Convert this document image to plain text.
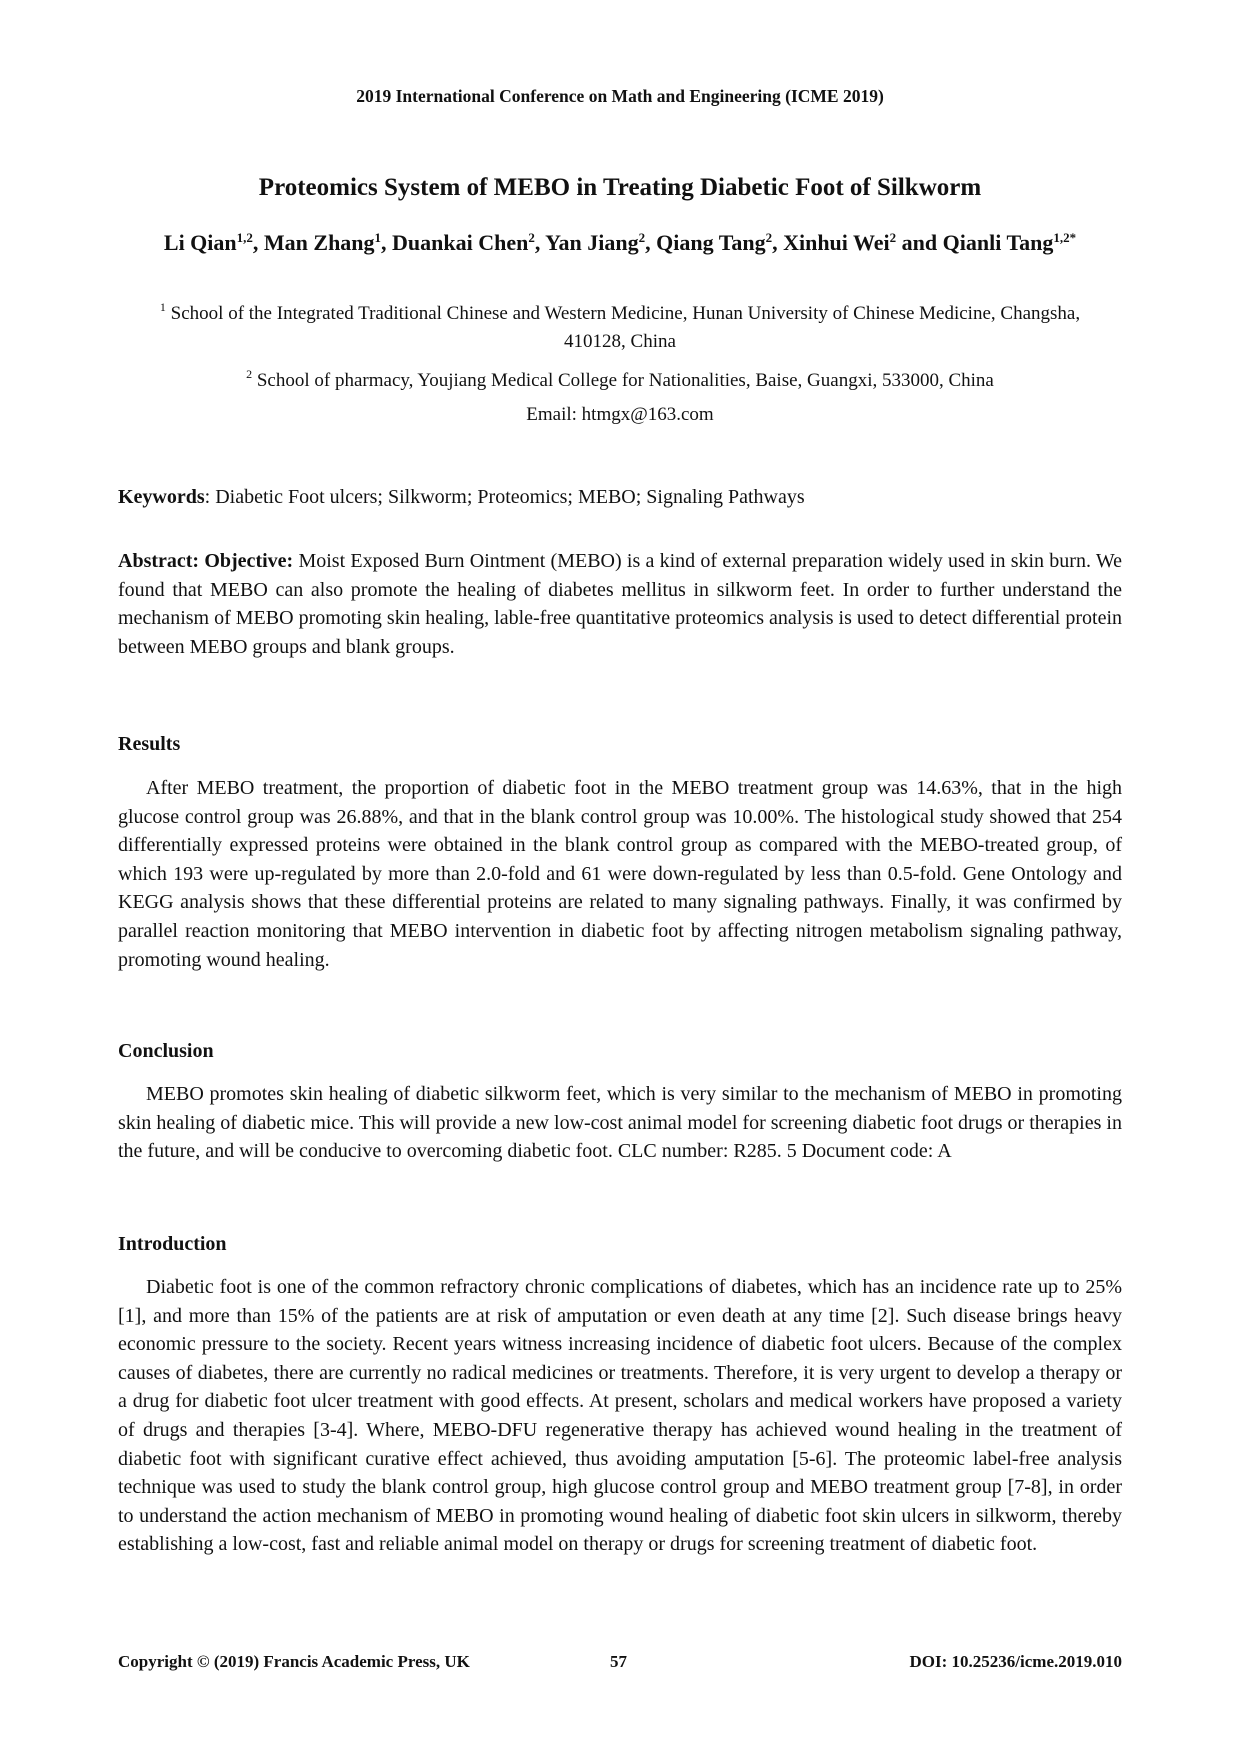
2019 International Conference on Math and Engineering (ICME 2019)
Proteomics System of MEBO in Treating Diabetic Foot of Silkworm
Li Qian$^{1,2}$, Man Zhang$^1$, Duankai Chen$^2$, Yan Jiang$^2$, Qiang Tang$^2$, Xinhui Wei$^2$ and Qianli Tang$^{1,2*}$
$^1$ School of the Integrated Traditional Chinese and Western Medicine, Hunan University of Chinese Medicine, Changsha, 410128, China
$^2$ School of pharmacy, Youjiang Medical College for Nationalities, Baise, Guangxi, 533000, China
Email: htmgx@163.com
Keywords: Diabetic Foot ulcers; Silkworm; Proteomics; MEBO; Signaling Pathways
Abstract: Objective: Moist Exposed Burn Ointment (MEBO) is a kind of external preparation widely used in skin burn. We found that MEBO can also promote the healing of diabetes mellitus in silkworm feet. In order to further understand the mechanism of MEBO promoting skin healing, lable-free quantitative proteomics analysis is used to detect differential protein between MEBO groups and blank groups.
Results
After MEBO treatment, the proportion of diabetic foot in the MEBO treatment group was 14.63%, that in the high glucose control group was 26.88%, and that in the blank control group was 10.00%. The histological study showed that 254 differentially expressed proteins were obtained in the blank control group as compared with the MEBO-treated group, of which 193 were up-regulated by more than 2.0-fold and 61 were down-regulated by less than 0.5-fold. Gene Ontology and KEGG analysis shows that these differential proteins are related to many signaling pathways. Finally, it was confirmed by parallel reaction monitoring that MEBO intervention in diabetic foot by affecting nitrogen metabolism signaling pathway, promoting wound healing.
Conclusion
MEBO promotes skin healing of diabetic silkworm feet, which is very similar to the mechanism of MEBO in promoting skin healing of diabetic mice. This will provide a new low-cost animal model for screening diabetic foot drugs or therapies in the future, and will be conducive to overcoming diabetic foot. CLC number: R285. 5 Document code: A
Introduction
Diabetic foot is one of the common refractory chronic complications of diabetes, which has an incidence rate up to 25% [1], and more than 15% of the patients are at risk of amputation or even death at any time [2]. Such disease brings heavy economic pressure to the society. Recent years witness increasing incidence of diabetic foot ulcers. Because of the complex causes of diabetes, there are currently no radical medicines or treatments. Therefore, it is very urgent to develop a therapy or a drug for diabetic foot ulcer treatment with good effects. At present, scholars and medical workers have proposed a variety of drugs and therapies [3-4]. Where, MEBO-DFU regenerative therapy has achieved wound healing in the treatment of diabetic foot with significant curative effect achieved, thus avoiding amputation [5-6]. The proteomic label-free analysis technique was used to study the blank control group, high glucose control group and MEBO treatment group [7-8], in order to understand the action mechanism of MEBO in promoting wound healing of diabetic foot skin ulcers in silkworm, thereby establishing a low-cost, fast and reliable animal model on therapy or drugs for screening treatment of diabetic foot.
Copyright © (2019) Francis Academic Press, UK	57	DOI: 10.25236/icme.2019.010
